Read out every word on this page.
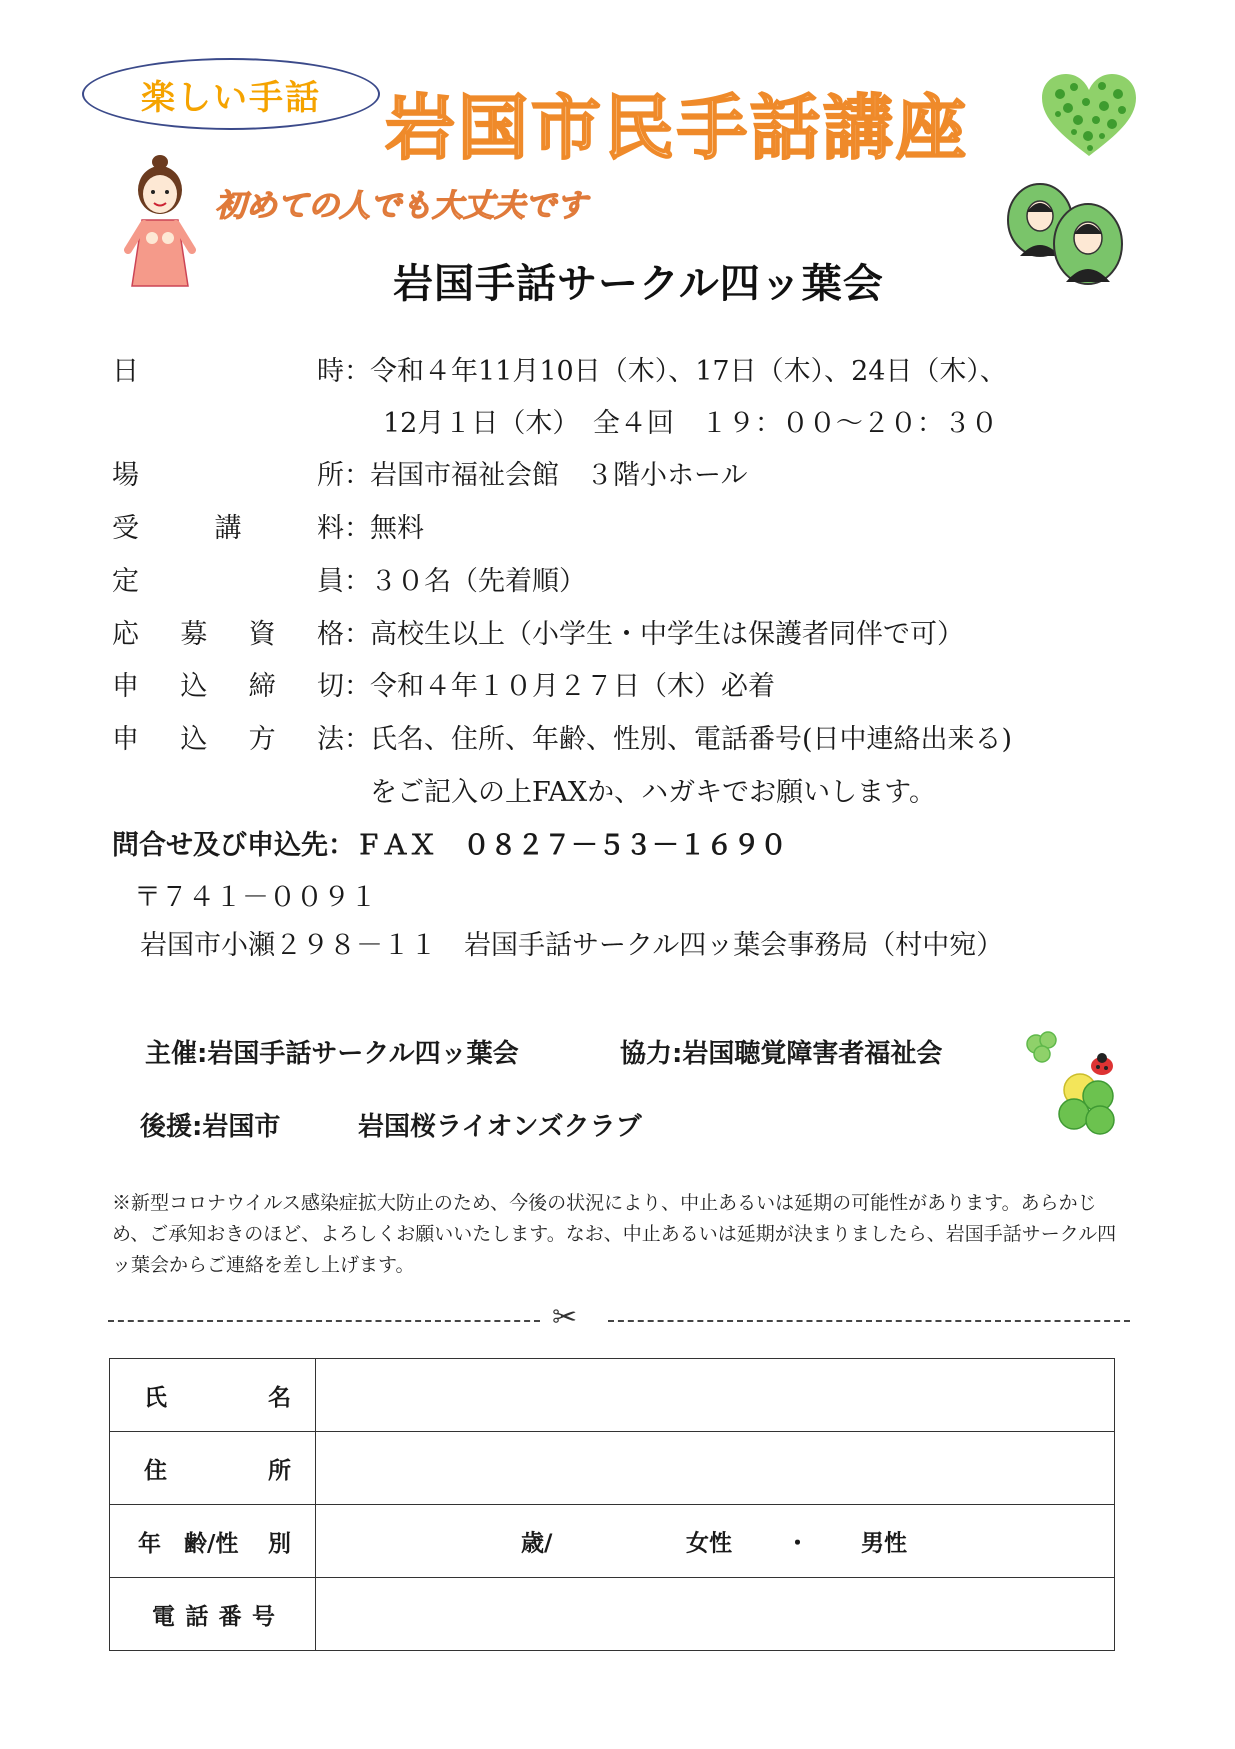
楽しい手話 岩国市民手話講座
初めての人でも大丈夫です
岩国手話サークル四ッ葉会
日	時 ：令和４年11月10日（木）、17日（木）、24日（木）、
12月１日（木）　全４回　１９：００～２０：３０
場	所 ：岩国市福祉会館　３階小ホール
受	講	料 ：無料
定	員 ：３０名（先着順）
応 募 資 格 ：高校生以上（小学生・中学生は保護者同伴で可）
申 込 締 切 ：令和４年１０月２７日（木）必着
申 込 方 法 ：氏名、住所、年齢、性別、電話番号(日中連絡出来る)
をご記入の上FAXか、ハガキでお願いします。
問合せ及び申込先：ＦＡＸ　０８２７－５３－１６９０
〒７４１－００９１
岩国市小瀬２９８－１１　岩国手話サークル四ッ葉会事務局（村中宛）
主催:岩国手話サークル四ッ葉会	協力:岩国聴覚障害者福祉会
後援:岩国市	岩国桜ライオンズクラブ
※新型コロナウイルス感染症拡大防止のため、今後の状況により、中止あるいは延期の可能性があります。あらかじめ、ご承知おきのほど、よろしくお願いいたします。なお、中止あるいは延期が決まりましたら、岩国手話サークル四ッ葉会からご連絡を差し上げます。
✂
氏 名	

住 所	

年　齢/性 別	歳/ 女性 ・ 男性

電 話 番 号	
